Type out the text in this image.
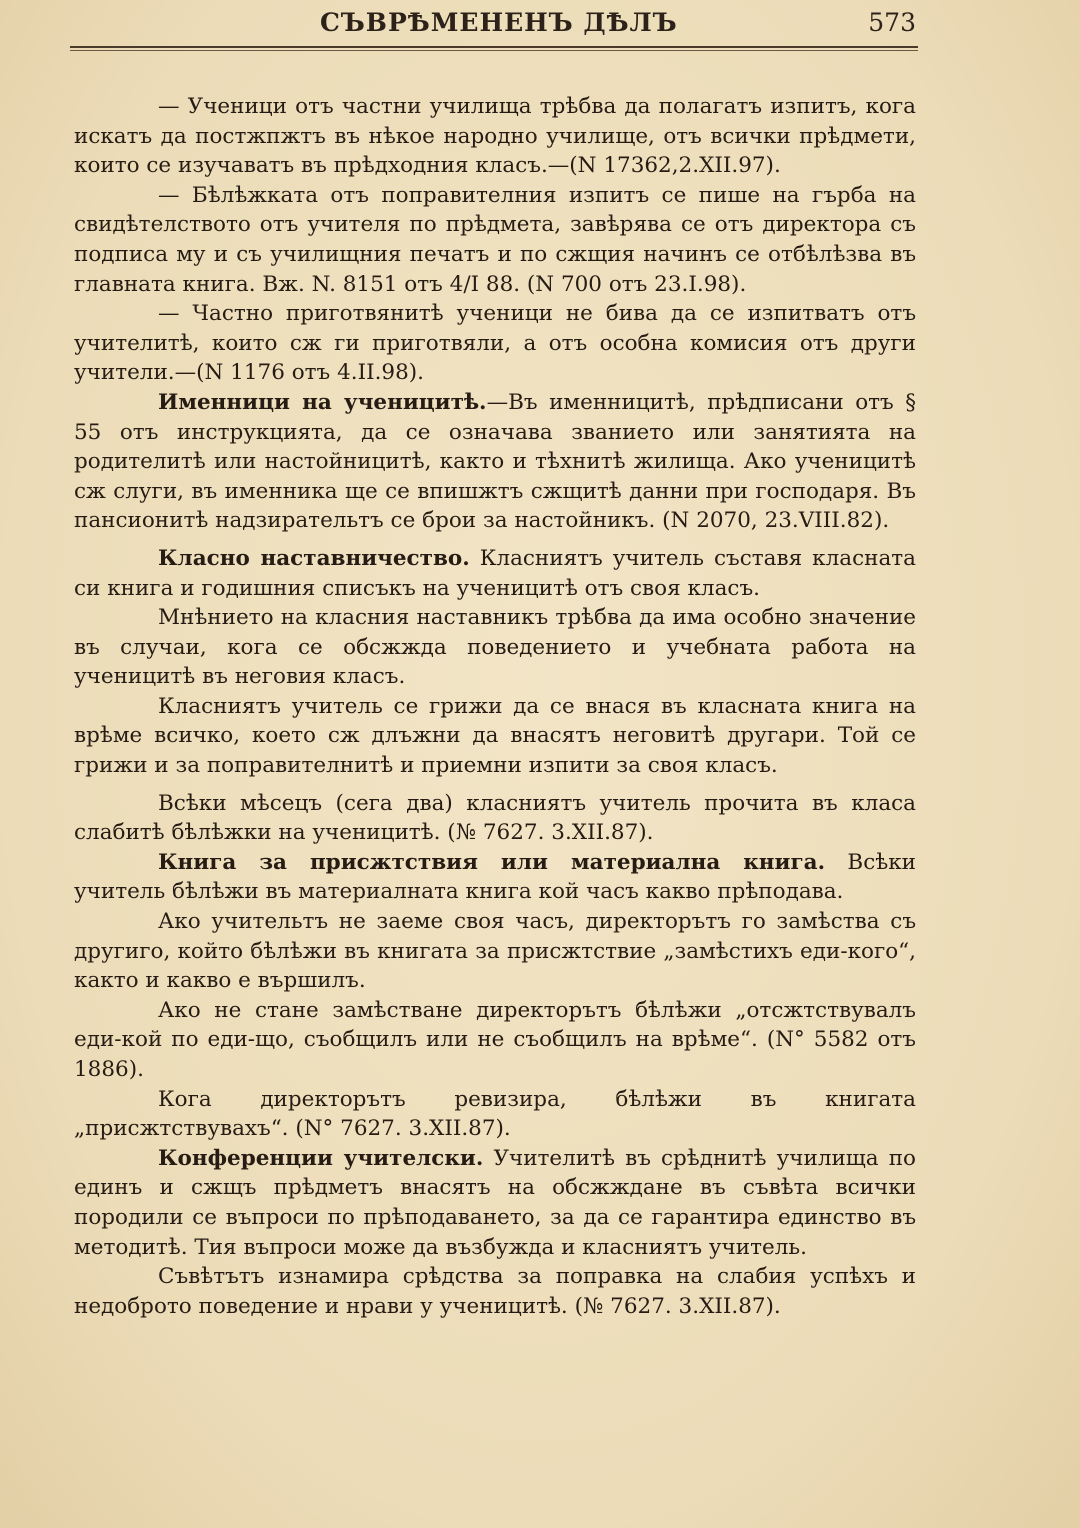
СЪВРѢМЕНЕНЪ ДѢЛЪ	573

— Ученици отъ частни училища трѣбва да полагатъ изпитъ, кога искатъ да постжпжтъ въ нѣкое народно училище, отъ всички прѣдмети, които се изучаватъ въ прѣдходния класъ.—(N 17362,2.XII.97).

— Бѣлѣжката отъ поправителния изпитъ се пише на гърба на свидѣтелството отъ учителя по прѣдмета, завѣрява се отъ директора съ подписа му и съ училищния печатъ и по сжщия начинъ се отбѣлѣзва въ главната книга. Вж. N. 8151 отъ 4/I 88. (N 700 отъ 23.I.98).

— Частно приготвянитѣ ученици не бива да се изпитватъ отъ учителитѣ, които сж ги приготвяли, а отъ особна комисия отъ други учители.—(N 1176 отъ 4.II.98).

Именници на ученицитѣ.—Въ именницитѣ, прѣдписани отъ § 55 отъ инструкцията, да се означава званието или занятията на родителитѣ или настойницитѣ, както и тѣхнитѣ жилища. Ако ученицитѣ сж слуги, въ именника ще се впишжтъ сжщитѣ данни при господаря. Въ пансионитѣ надзирательтъ се брои за настойникъ. (N 2070, 23.VIII.82).

Класно наставничество. Класниятъ учитель съставя класната си книга и годишния списъкъ на ученицитѣ отъ своя класъ.

Мнѣнието на класния наставникъ трѣбва да има особно значение въ случаи, кога се обсжжда поведението и учебната работа на ученицитѣ въ неговия класъ.

Класниятъ учитель се грижи да се внася въ класната книга на врѣме всичко, което сж длъжни да внасятъ неговитѣ другари. Той се грижи и за поправителнитѣ и приемни изпити за своя класъ.

Всѣки мѣсецъ (сега два) класниятъ учитель прочита въ класа слабитѣ бѣлѣжки на ученицитѣ. (№ 7627. 3.XII.87).

Книга за присжтствия или материална книга. Всѣки учитель бѣлѣжи въ материалната книга кой часъ какво прѣподава.

Ако учительтъ не заеме своя часъ, директорътъ го замѣства съ другиго, който бѣлѣжи въ книгата за присжтствие „замѣстихъ еди-кого“, както и какво е вършилъ.

Ако не стане замѣстване директорътъ бѣлѣжи „отсжтствувалъ еди-кой по еди-що, съобщилъ или не съобщилъ на врѣме“. (N° 5582 отъ 1886).

Кога директорътъ ревизира, бѣлѣжи въ книгата „присжтствувахъ“. (N° 7627. 3.XII.87).

Конференции учителски. Учителитѣ въ срѣднитѣ училища по единъ и сжщъ прѣдметъ внасятъ на обсжждане въ съвѣта всички породили се въпроси по прѣподаването, за да се гарантира единство въ методитѣ. Тия въпроси може да възбужда и класниятъ учитель.

Съвѣтътъ изнамира срѣдства за поправка на слабия успѣхъ и недоброто поведение и нрави у ученицитѣ. (№ 7627. 3.XII.87).
